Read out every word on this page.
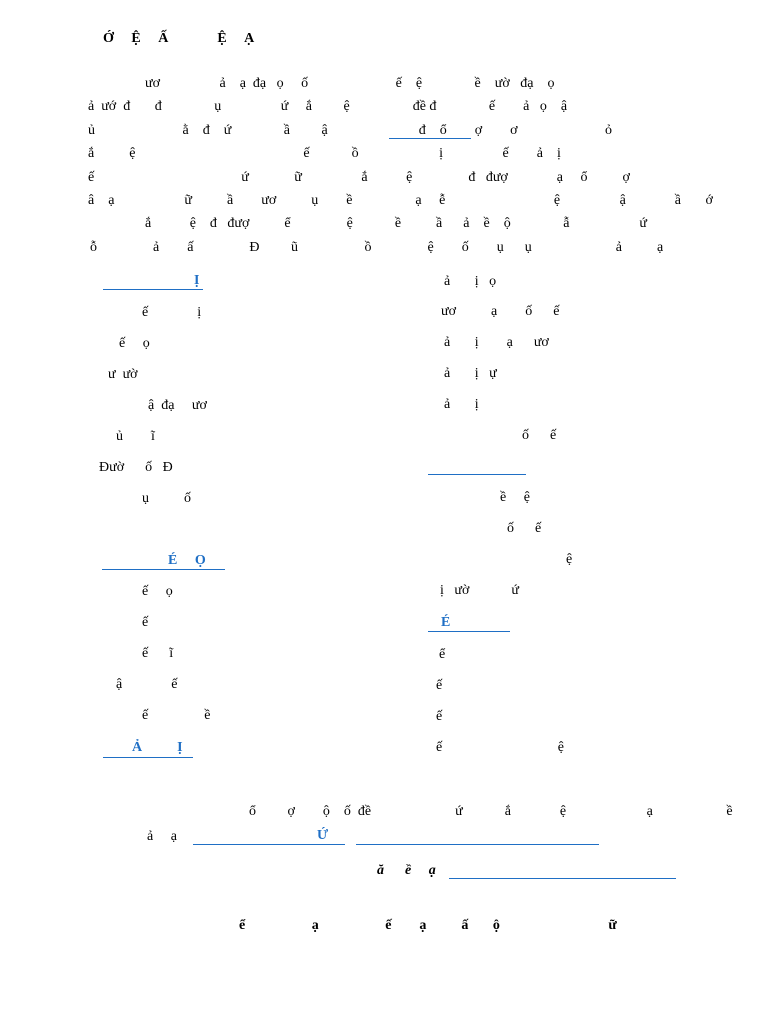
Ớ     Ệ     Ấ              Ệ     Ạ
ươ                 ả    ạ  đạ   ọ     ố                         ế    ệ               ề    ườ   đạ    ọ
ả  ướ  đ       đ               ụ                 ứ     ắ         ệ                  đề đ               ế        ả   ọ    ậ
ủ                         ằ    đ    ứ               ầ         ậ                          đ    ổ        ợ        ơ                         ỏ
ắ          ệ                                                ế            ồ                       ị                 ế        ả    ị
ế                                          ứ             ữ                 ắ           ệ                đ   đượ              ạ     ổ          ợ
â    ạ                    ữ          ầ        ươ          ụ        ề                  ạ     ễ                               ệ                 ậ              ầ       ớ
ắ           ệ    đ   đượ          ể                ệ            ề          ầ      ả    ề    ộ               ẫ                    ứ
ỗ                ả        ấ                Đ         ũ                   ồ                ệ        ố        ụ      ụ                        ả          ạ
Ị
ế              ị
ế     ọ
ư  ườ
ậ  đạ     ươ
ủ        ĩ
Đườ      ố   Đ
ụ          ố
É     Ọ
ế     ọ
ế
ế      ĩ
ậ              ế
ế                ề
Ả          Ị
ả       ị   ọ
ươ          ạ        ố      ế
ả       ị        ạ      ươ
ả       ị   ự
ả       ị
ố      ế
ề     ệ
ố      ế
ệ
ị   ườ            ứ
É
ể
ế
ế
ế                                 ệ
ổ         ợ        ộ    ố  đề                        ứ            ắ              ệ                       ạ                     ề
ả     ạ	Ứ
ă      ề     ạ
ể                   ạ                   ế        ạ          ấ       ộ                               ữ
